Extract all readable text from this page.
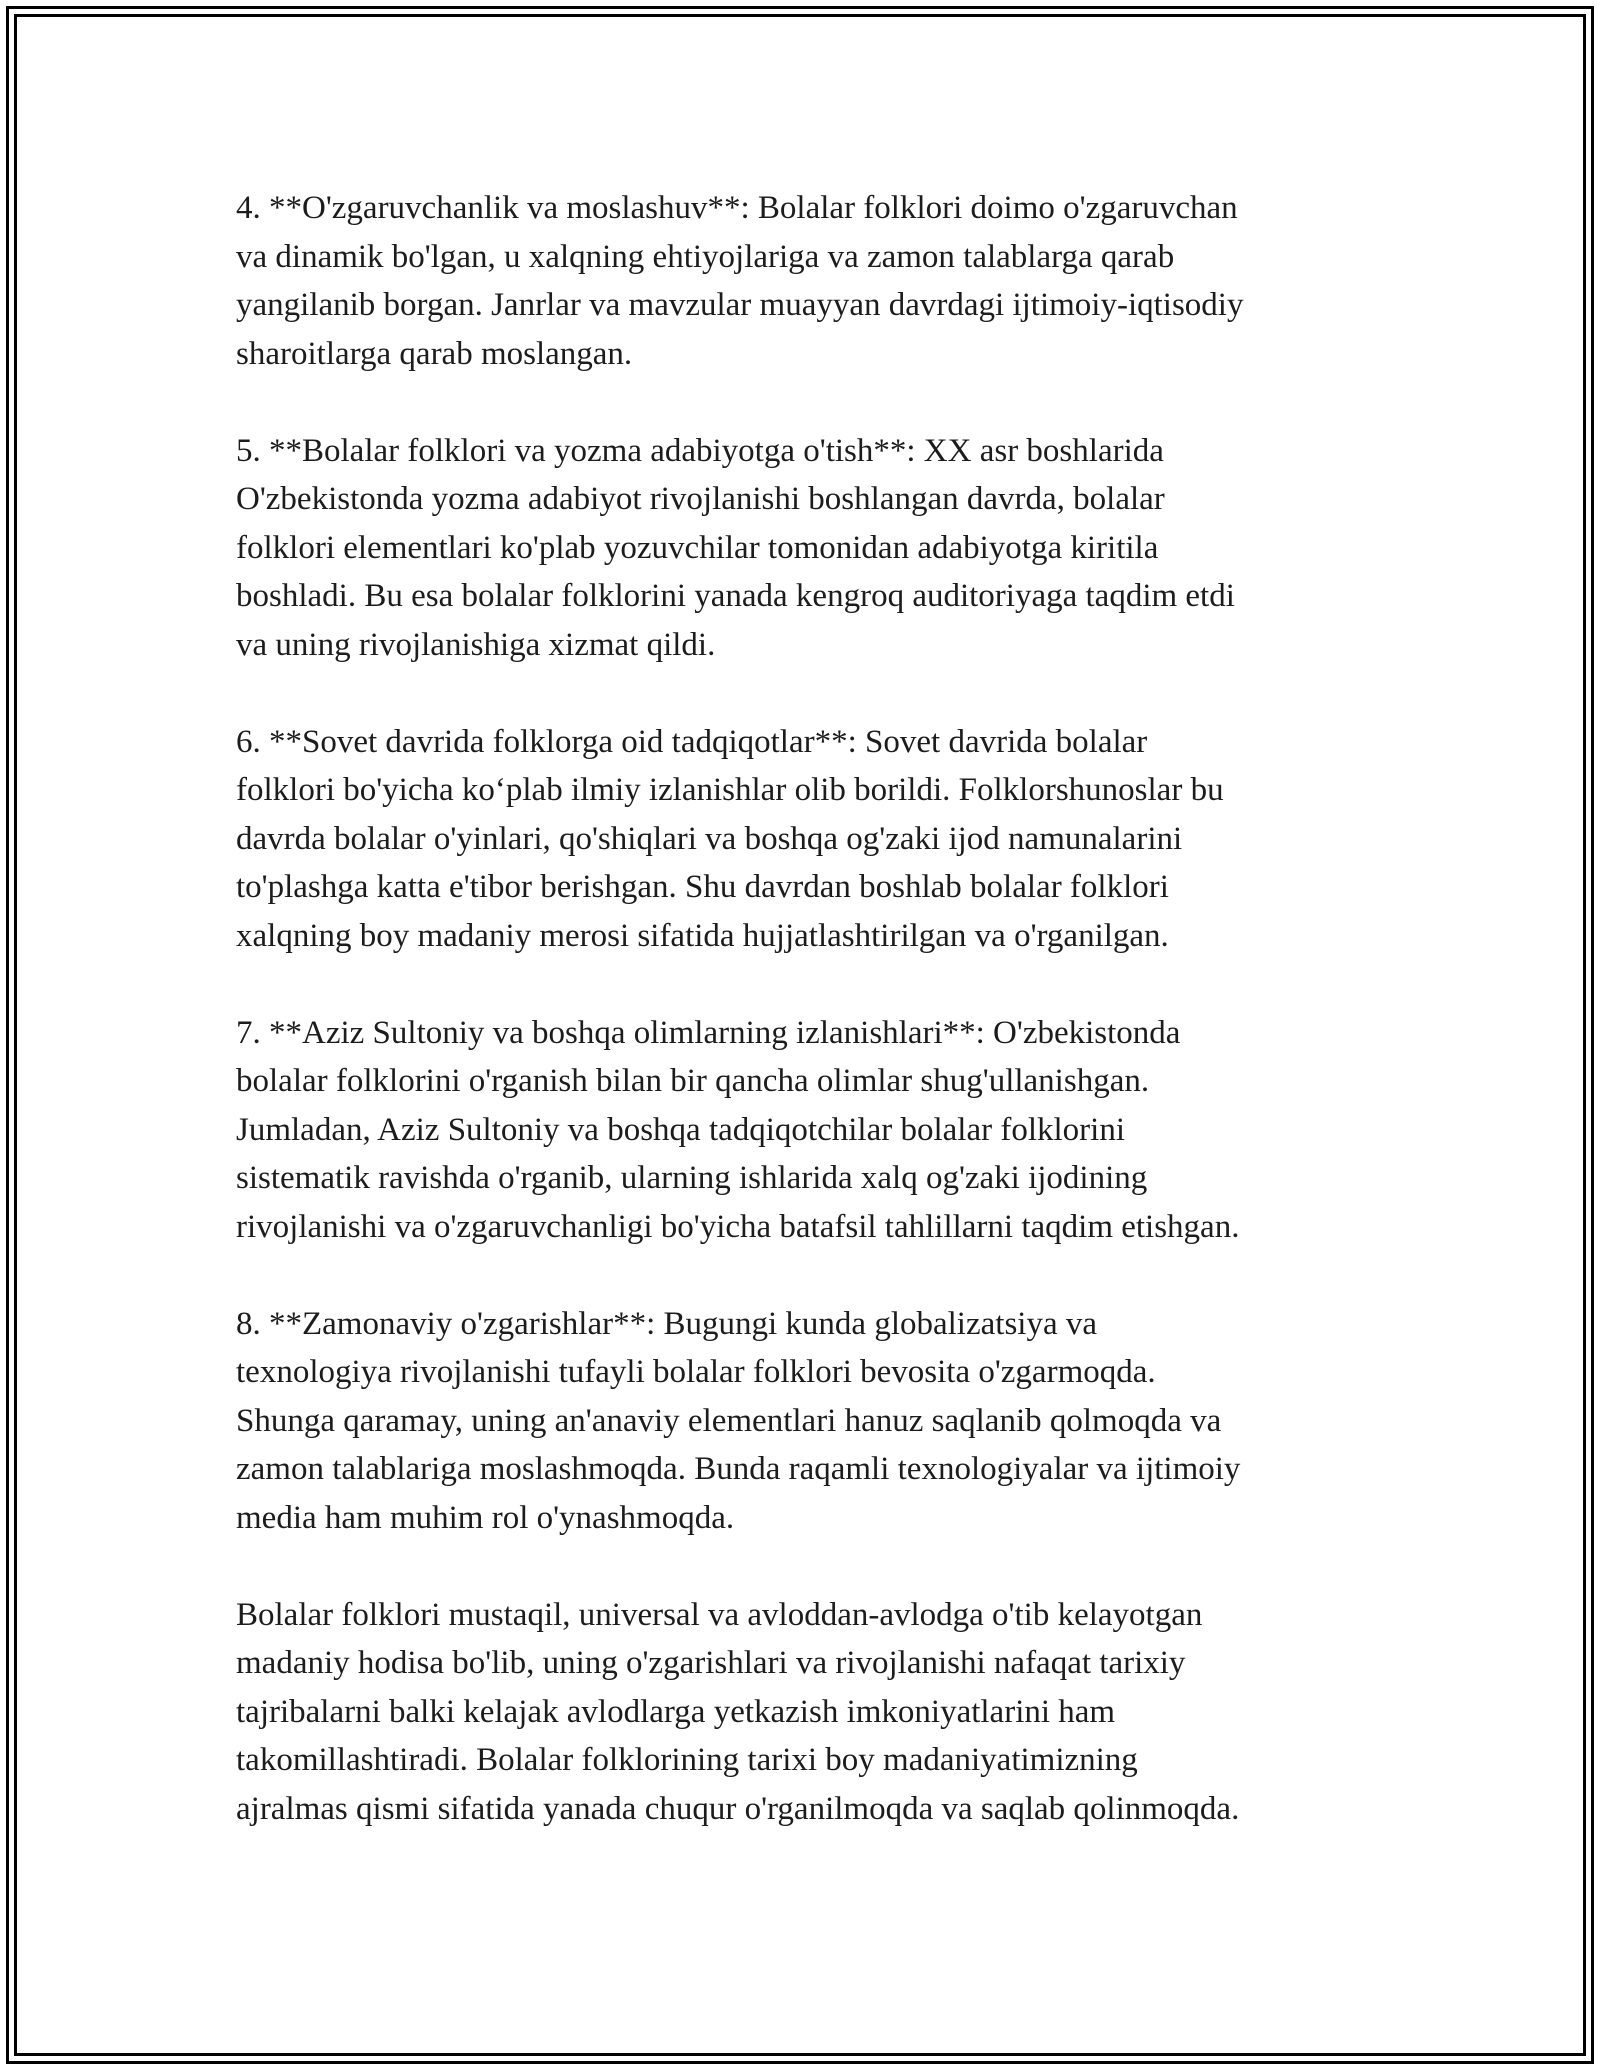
4. **O'zgaruvchanlik va moslashuv**: Bolalar folklori doimo o'zgaruvchan
va dinamik bo'lgan, u xalqning ehtiyojlariga va zamon talablarga qarab
yangilanib borgan. Janrlar va mavzular muayyan davrdagi ijtimoiy-iqtisodiy
sharoitlarga qarab moslangan.

5. **Bolalar folklori va yozma adabiyotga o'tish**: XX asr boshlarida
O'zbekistonda yozma adabiyot rivojlanishi boshlangan davrda, bolalar
folklori elementlari ko'plab yozuvchilar tomonidan adabiyotga kiritila
boshladi. Bu esa bolalar folklorini yanada kengroq auditoriyaga taqdim etdi
va uning rivojlanishiga xizmat qildi.

6. **Sovet davrida folklorga oid tadqiqotlar**: Sovet davrida bolalar
folklori bo'yicha ko‘plab ilmiy izlanishlar olib borildi. Folklorshunoslar bu
davrda bolalar o'yinlari, qo'shiqlari va boshqa og'zaki ijod namunalarini
to'plashga katta e'tibor berishgan. Shu davrdan boshlab bolalar folklori
xalqning boy madaniy merosi sifatida hujjatlashtirilgan va o'rganilgan.

7. **Aziz Sultoniy va boshqa olimlarning izlanishlari**: O'zbekistonda
bolalar folklorini o'rganish bilan bir qancha olimlar shug'ullanishgan.
Jumladan, Aziz Sultoniy va boshqa tadqiqotchilar bolalar folklorini
sistematik ravishda o'rganib, ularning ishlarida xalq og'zaki ijodining
rivojlanishi va o'zgaruvchanligi bo'yicha batafsil tahlillarni taqdim etishgan.

8. **Zamonaviy o'zgarishlar**: Bugungi kunda globalizatsiya va
texnologiya rivojlanishi tufayli bolalar folklori bevosita o'zgarmoqda.
Shunga qaramay, uning an'anaviy elementlari hanuz saqlanib qolmoqda va
zamon talablariga moslashmoqda. Bunda raqamli texnologiyalar va ijtimoiy
media ham muhim rol o'ynashmoqda.

Bolalar folklori mustaqil, universal va avloddan-avlodga o'tib kelayotgan
madaniy hodisa bo'lib, uning o'zgarishlari va rivojlanishi nafaqat tarixiy
tajribalarni balki kelajak avlodlarga yetkazish imkoniyatlarini ham
takomillashtiradi. Bolalar folklorining tarixi boy madaniyatimizning
ajralmas qismi sifatida yanada chuqur o'rganilmoqda va saqlab qolinmoqda.
